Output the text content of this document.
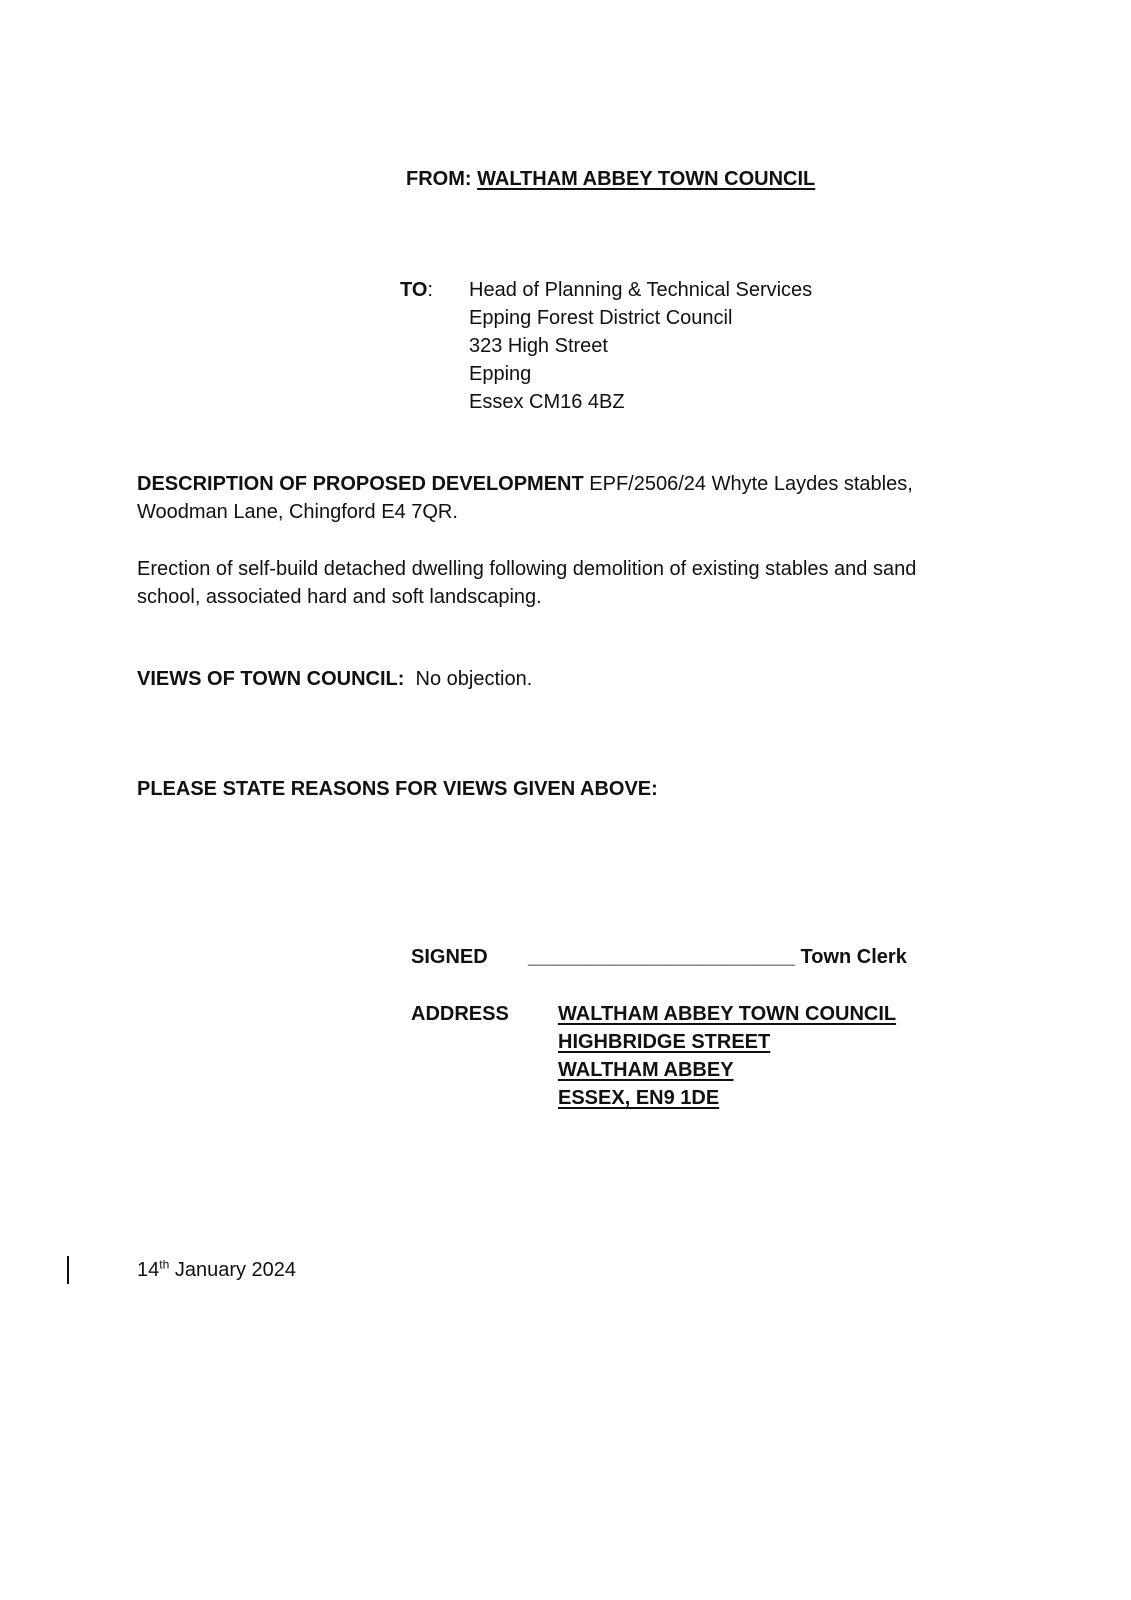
FROM: WALTHAM ABBEY TOWN COUNCIL
TO: Head of Planning & Technical Services
Epping Forest District Council
323 High Street
Epping
Essex CM16 4BZ
DESCRIPTION OF PROPOSED DEVELOPMENT EPF/2506/24 Whyte Laydes stables,
Woodman Lane, Chingford E4 7QR.
Erection of self-build detached dwelling following demolition of existing stables and sand
school, associated hard and soft landscaping.
VIEWS OF TOWN COUNCIL: No objection.
PLEASE STATE REASONS FOR VIEWS GIVEN ABOVE:
SIGNED ________________________ Town Clerk
ADDRESS WALTHAM ABBEY TOWN COUNCIL
HIGHBRIDGE STREET
WALTHAM ABBEY
ESSEX, EN9 1DE
14th January 2024
